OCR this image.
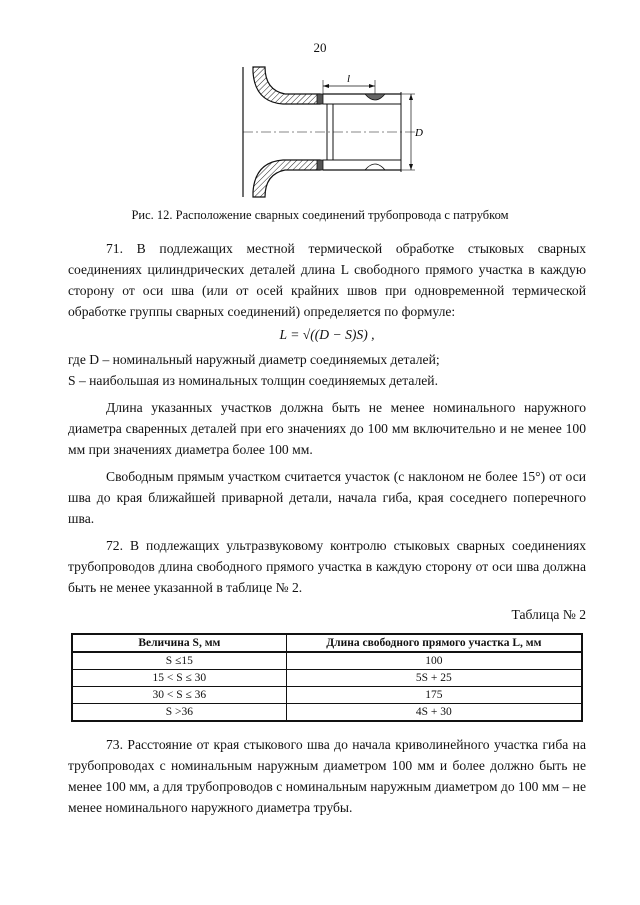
20
l
D
Рис. 12. Расположение сварных соединений трубопровода с патрубком

71. В подлежащих местной термической обработке стыковых сварных соединениях цилиндрических деталей длина L свободного прямого участка в каждую сторону от оси шва (или от осей крайних швов при одновременной термической обработке группы сварных соединений) определяется по формуле:

L = √((D − S)S) ,

где D – номинальный наружный диаметр соединяемых деталей;

S – наибольшая из номинальных толщин соединяемых деталей.

Длина указанных участков должна быть не менее номинального наружного диаметра сваренных деталей при его значениях до 100 мм включительно и не менее 100 мм при значениях диаметра более 100 мм.

Свободным прямым участком считается участок (с наклоном не более 15°) от оси шва до края ближайшей приварной детали, начала гиба, края соседнего поперечного шва.

72. В подлежащих ультразвуковому контролю стыковых сварных соединениях трубопроводов длина свободного прямого участка в каждую сторону от оси шва должна быть не менее указанной в таблице № 2.

Таблица № 2
Величина S, мм	Длина свободного прямого участка L, мм
S ≤15	100
15 < S ≤ 30	5S + 25
30 < S ≤ 36	175
S >36	4S + 30

73. Расстояние от края стыкового шва до начала криволинейного участка гиба на трубопроводах с номинальным наружным диаметром 100 мм и более должно быть не менее 100 мм, а для трубопроводов с номинальным наружным диаметром до 100 мм – не менее номинального наружного диаметра трубы.
